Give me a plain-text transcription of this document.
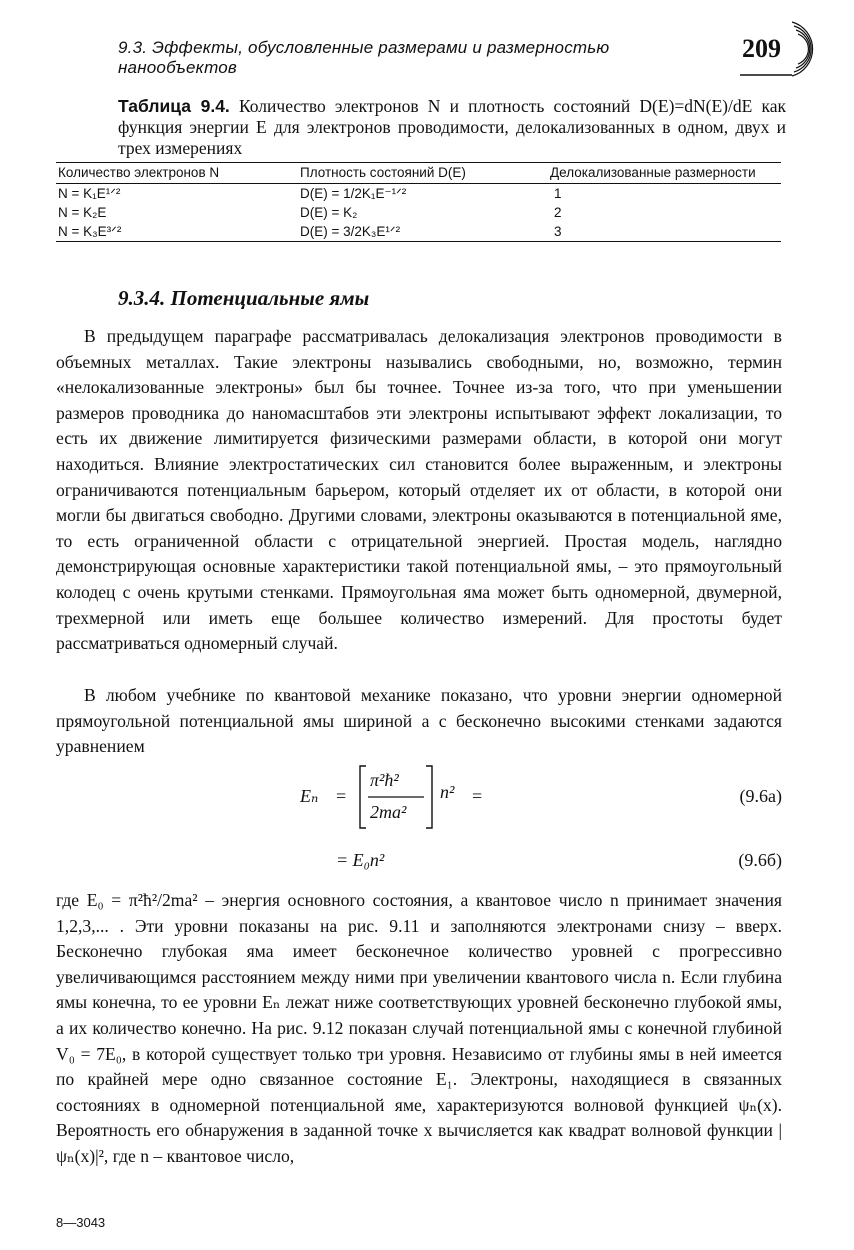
9.3. Эффекты, обусловленные размерами и размерностью нанообъектов
209
Таблица 9.4. Количество электронов N и плотность состояний D(E)=dN(E)/dE как функция энергии E для электронов проводимости, делокализованных в одном, двух и трех измерениях
Количество электронов N	Плотность состояний D(E)	Делокализованные размерности
N = K₁E¹ᐟ²	D(E) = 1/2K₁E⁻¹ᐟ²	1
N = K₂E	D(E) = K₂	2
N = K₃E³ᐟ²	D(E) = 3/2K₃E¹ᐟ²	3
9.3.4. Потенциальные ямы
В предыдущем параграфе рассматривалась делокализация электронов проводимости в объемных металлах. Такие электроны назывались свободными, но, возможно, термин «нелокализованные электроны» был бы точнее. Точнее из-за того, что при уменьшении размеров проводника до наномасштабов эти электроны испытывают эффект локализации, то есть их движение лимитируется физическими размерами области, в которой они могут находиться. Влияние электростатических сил становится более выраженным, и электроны ограничиваются потенциальным барьером, который отделяет их от области, в которой они могли бы двигаться свободно. Другими словами, электроны оказываются в потенциальной яме, то есть ограниченной области с отрицательной энергией. Простая модель, наглядно демонстрирующая основные характеристики такой потенциальной ямы, – это прямоугольный колодец с очень крутыми стенками. Прямоугольная яма может быть одномерной, двумерной, трехмерной или иметь еще большее количество измерений. Для простоты будет рассматриваться одномерный случай.
В любом учебнике по квантовой механике показано, что уровни энергии одномерной прямоугольной потенциальной ямы шириной a с бесконечно высокими стенками задаются уравнением
Eₙ =
π²ħ²
2ma²
n² =	(9.6а)
= E₀n²	(9.6б)
где E₀ = π²ħ²/2ma² – энергия основного состояния, а квантовое число n принимает значения 1,2,3,... . Эти уровни показаны на рис. 9.11 и заполняются электронами снизу – вверх. Бесконечно глубокая яма имеет бесконечное количество уровней с прогрессивно увеличивающимся расстоянием между ними при увеличении квантового числа n. Если глубина ямы конечна, то ее уровни Eₙ лежат ниже соответствующих уровней бесконечно глубокой ямы, а их количество конечно. На рис. 9.12 показан случай потенциальной ямы с конечной глубиной V₀ = 7E₀, в которой существует только три уровня. Независимо от глубины ямы в ней имеется по крайней мере одно связанное состояние E₁. Электроны, находящиеся в связанных состояниях в одномерной потенциальной яме, характеризуются волновой функцией ψₙ(x). Вероятность его обнаружения в заданной точке x вычисляется как квадрат волновой функции |ψₙ(x)|², где n – квантовое число,
8—3043
